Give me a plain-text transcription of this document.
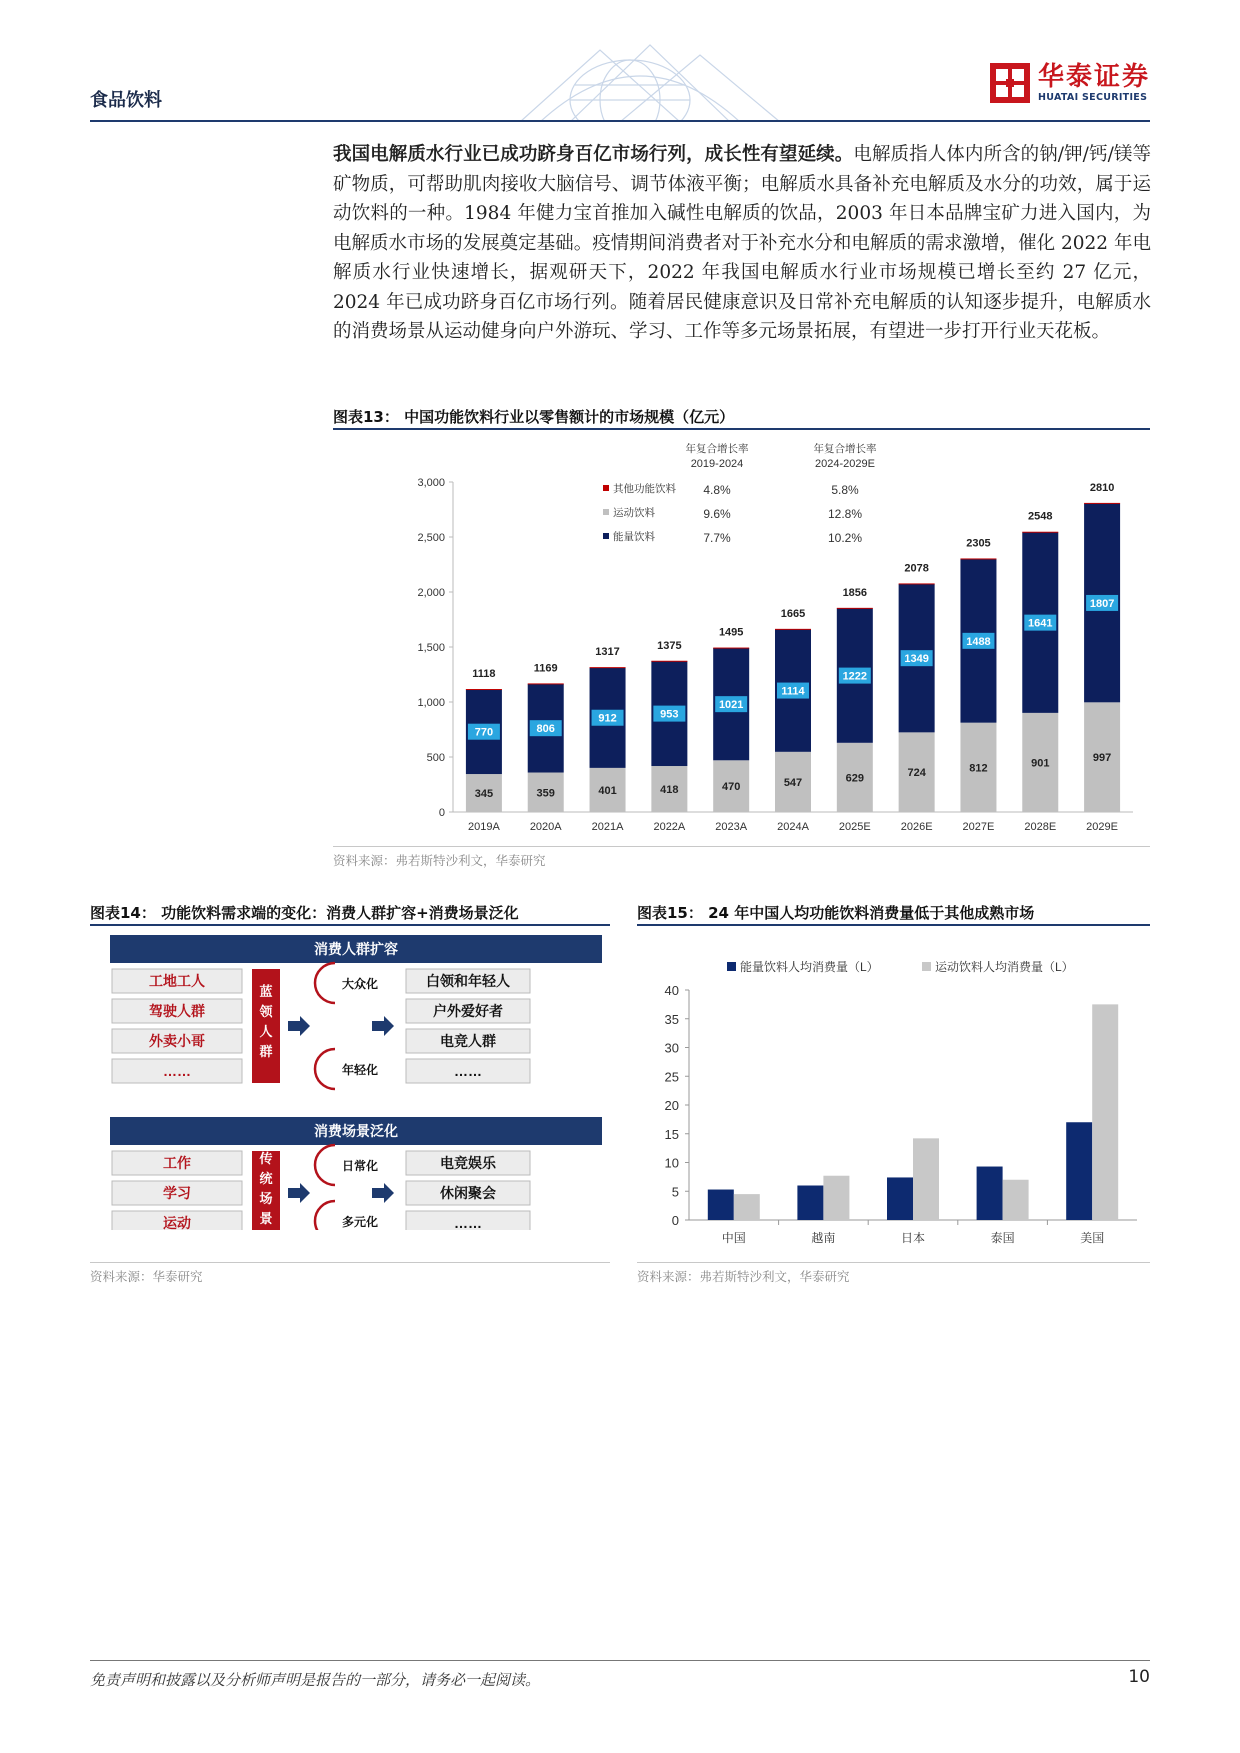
食品饮料
华泰证券
HUATAI SECURITIES
我国电解质水行业已成功跻身百亿市场行列，成长性有望延续。电解质指人体内所含的钠/钾/钙/镁等矿物质，可帮助肌肉接收大脑信号、调节体液平衡；电解质水具备补充电解质及水分的功效，属于运动饮料的一种。1984 年健力宝首推加入碱性电解质的饮品，2003 年日本品牌宝矿力进入国内，为电解质水市场的发展奠定基础。疫情期间消费者对于补充水分和电解质的需求激增，催化 2022 年电解质水行业快速增长，据观研天下，2022 年我国电解质水行业市场规模已增长至约 27 亿元，2024 年已成功跻身百亿市场行列。随着居民健康意识及日常补充电解质的认知逐步提升，电解质水的消费场景从运动健身向户外游玩、学习、工作等多元场景拓展，有望进一步打开行业天花板。
图表13： 中国功能饮料行业以零售额计的市场规模（亿元）
0
500
1,000
1,500
2,000
2,500
3,000
345
770
1118
2019A
359
806
1169
2020A
401
912
1317
2021A
418
953
1375
2022A
470
1021
1495
2023A
547
1114
1665
2024A
629
1222
1856
2025E
724
1349
2078
2026E
812
1488
2305
2027E
901
1641
2548
2028E
997
1807
2810
2029E
年复合增长率
2019-2024
年复合增长率
2024-2029E
其他功能饮料 4.8%	5.8%
运动饮料	9.6%	12.8%
能量饮料	7.7%	10.2%
资料来源：弗若斯特沙利文，华泰研究
图表14： 功能饮料需求端的变化：消费人群扩容+消费场景泛化
消费人群扩容
工地工人
驾驶人群
外卖小哥
……
蓝
领
人
群
大众化
年轻化
白领和年轻人
户外爱好者
电竞人群
……
消费场景泛化
工作
学习
运动
传
统
场
景
日常化
多元化
电竞娱乐
休闲聚会
……
资料来源：华泰研究
图表15： 24 年中国人均功能饮料消费量低于其他成熟市场
0
5
10
15
20
25
30
35
40
中国	越南	日本	泰国	美国
能量饮料人均消费量（L）	运动饮料人均消费量（L）
资料来源：弗若斯特沙利文，华泰研究
免责声明和披露以及分析师声明是报告的一部分，请务必一起阅读。	10
